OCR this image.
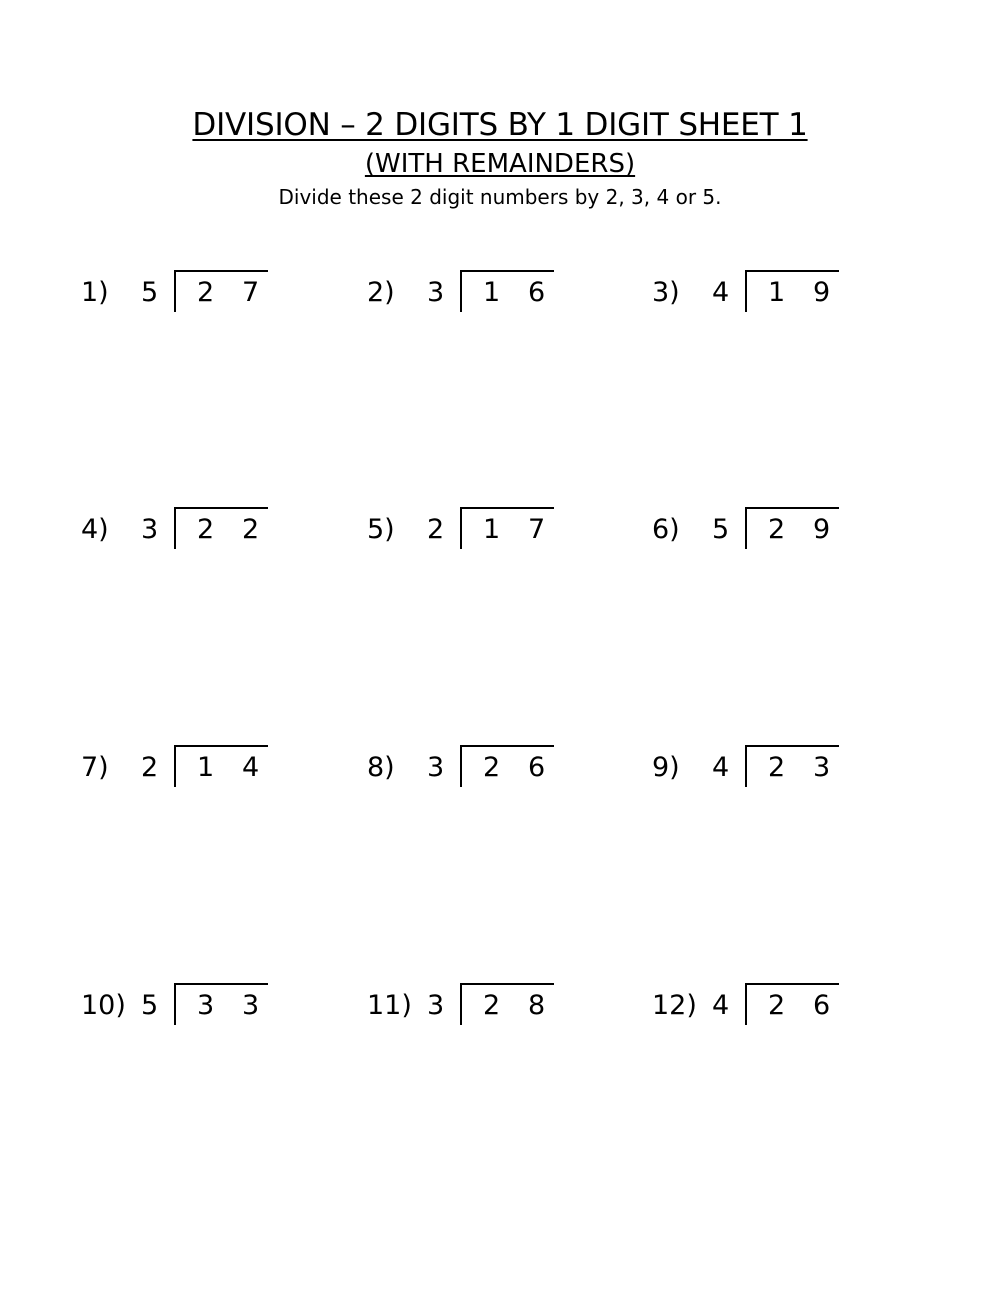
DIVISION – 2 DIGITS BY 1 DIGIT SHEET 1
(WITH REMAINDERS)
Divide these 2 digit numbers by 2, 3, 4 or 5.
1) 5 2 7	2) 3 1 6	3) 4 1 9
4) 3 2 2	5) 2 1 7	6) 5 2 9
7) 2 1 4	8) 3 2 6	9) 4 2 3
10) 5 3 3	11) 3 2 8	12) 4 2 6
